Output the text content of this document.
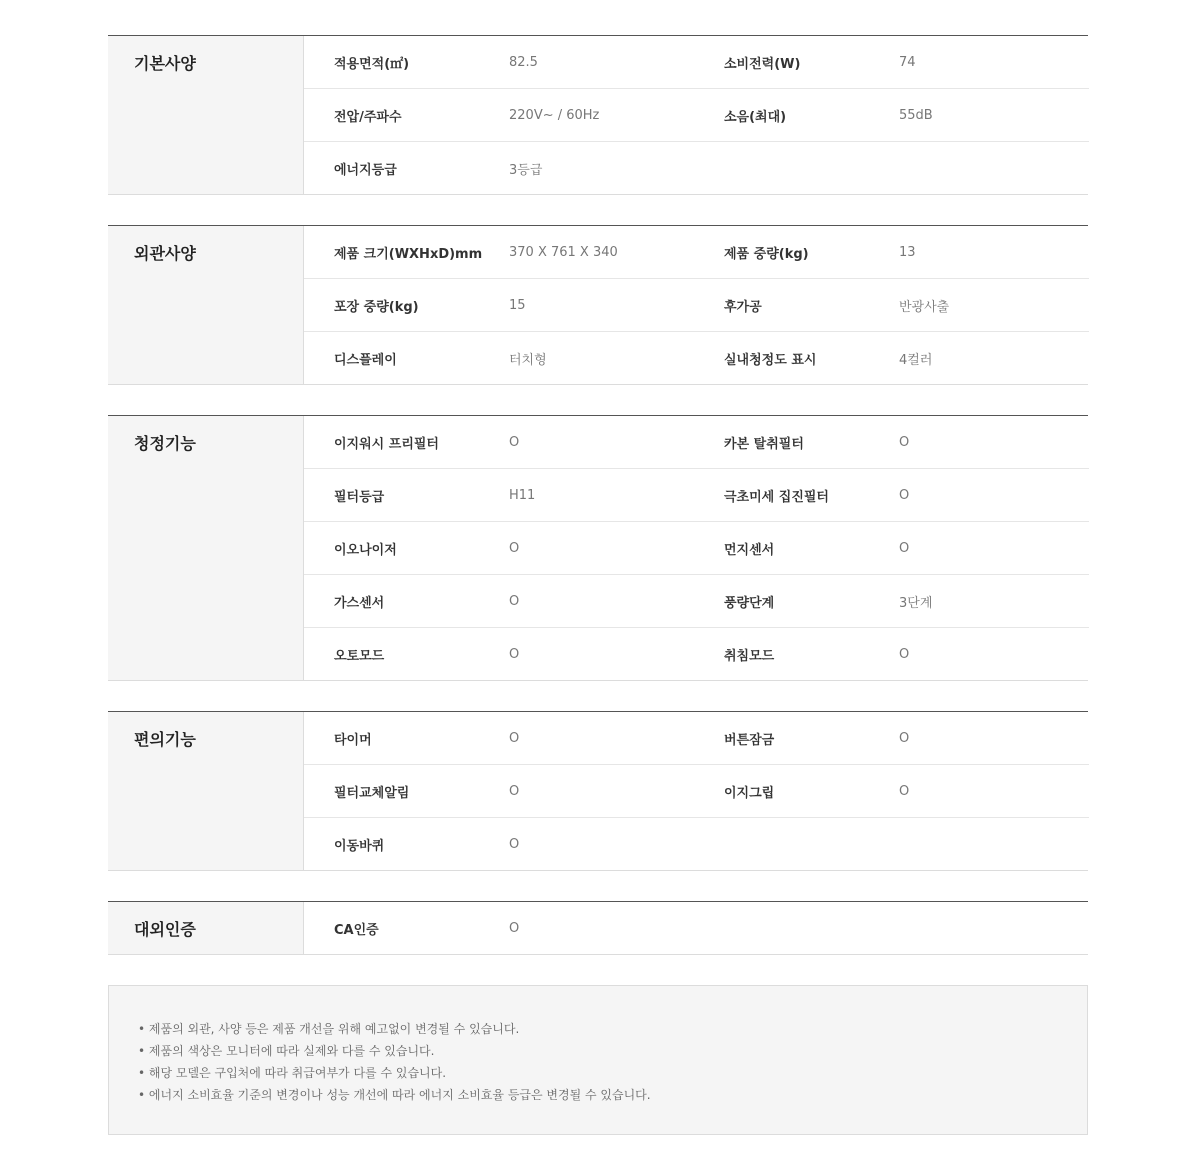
기본사양	적용면적(㎡)	82.5	소비전력(W)	74
전압/주파수	220V~ / 60Hz	소음(최대)	55dB
에너지등급	3등급
외관사양	제품 크기(WXHxD)mm	370 X 761 X 340	제품 중량(kg)	13
포장 중량(kg)	15	후가공	반광사출
디스플레이	터치형	실내청정도 표시	4컬러
청정기능	이지워시 프리필터	O	카본 탈취필터	O
필터등급	H11	극초미세 집진필터	O
이오나이저	O	먼지센서	O
가스센서	O	풍량단계	3단계
오토모드	O	취침모드	O
편의기능	타이머	O	버튼잠금	O
필터교체알림	O	이지그립	O
이동바퀴	O
대외인증	CA인증	O
• 제품의 외관, 사양 등은 제품 개선을 위해 예고없이 변경될 수 있습니다.
• 제품의 색상은 모니터에 따라 실제와 다를 수 있습니다.
• 해당 모델은 구입처에 따라 취급여부가 다를 수 있습니다.
• 에너지 소비효율 기준의 변경이나 성능 개선에 따라 에너지 소비효율 등급은 변경될 수 있습니다.
